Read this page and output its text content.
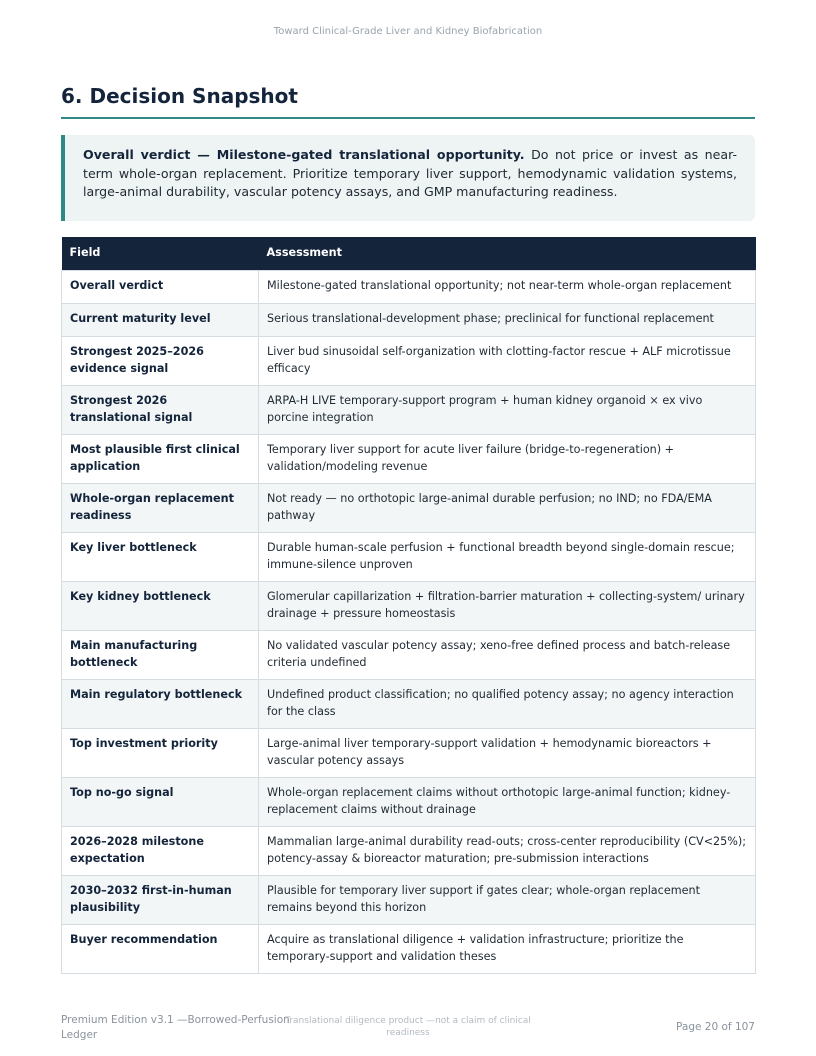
Toward Clinical-Grade Liver and Kidney Biofabrication
6. Decision Snapshot
Overall verdict — Milestone-gated translational opportunity. Do not price or invest as near-term whole-organ replacement. Prioritize temporary liver support, hemodynamic validation systems, large-animal durability, vascular potency assays, and GMP manufacturing readiness.
Field	Assessment
Overall verdict	Milestone-gated translational opportunity; not near-term whole-organ replacement
Current maturity level	Serious translational-development phase; preclinical for functional replacement
Strongest 2025–2026 evidence signal	Liver bud sinusoidal self-organization with clotting-factor rescue + ALF microtissue efficacy
Strongest 2026 translational signal	ARPA-H LIVE temporary-support program + human kidney organoid × ex vivo porcine integration
Most plausible first clinical application	Temporary liver support for acute liver failure (bridge-to-regeneration) + validation/modeling revenue
Whole-organ replacement readiness	Not ready — no orthotopic large-animal durable perfusion; no IND; no FDA/EMA pathway
Key liver bottleneck	Durable human-scale perfusion + functional breadth beyond single-domain rescue; immune-silence unproven
Key kidney bottleneck	Glomerular capillarization + filtration-barrier maturation + collecting-system/ urinary drainage + pressure homeostasis
Main manufacturing bottleneck	No validated vascular potency assay; xeno-free defined process and batch-release criteria undefined
Main regulatory bottleneck	Undefined product classification; no qualified potency assay; no agency interaction for the class
Top investment priority	Large-animal liver temporary-support validation + hemodynamic bioreactors + vascular potency assays
Top no-go signal	Whole-organ replacement claims without orthotopic large-animal function; kidney-replacement claims without drainage
2026–2028 milestone expectation	Mammalian large-animal durability read-outs; cross-center reproducibility (CV<25%); potency-assay & bioreactor maturation; pre-submission interactions
2030–2032 first-in-human plausibility	Plausible for temporary liver support if gates clear; whole-organ replacement remains beyond this horizon
Buyer recommendation	Acquire as translational diligence + validation infrastructure; prioritize the temporary-support and validation theses
Premium Edition v3.1 —Borrowed-Perfusion Ledger
Translational diligence product —not a claim of clinical readiness	Page 20 of 107
